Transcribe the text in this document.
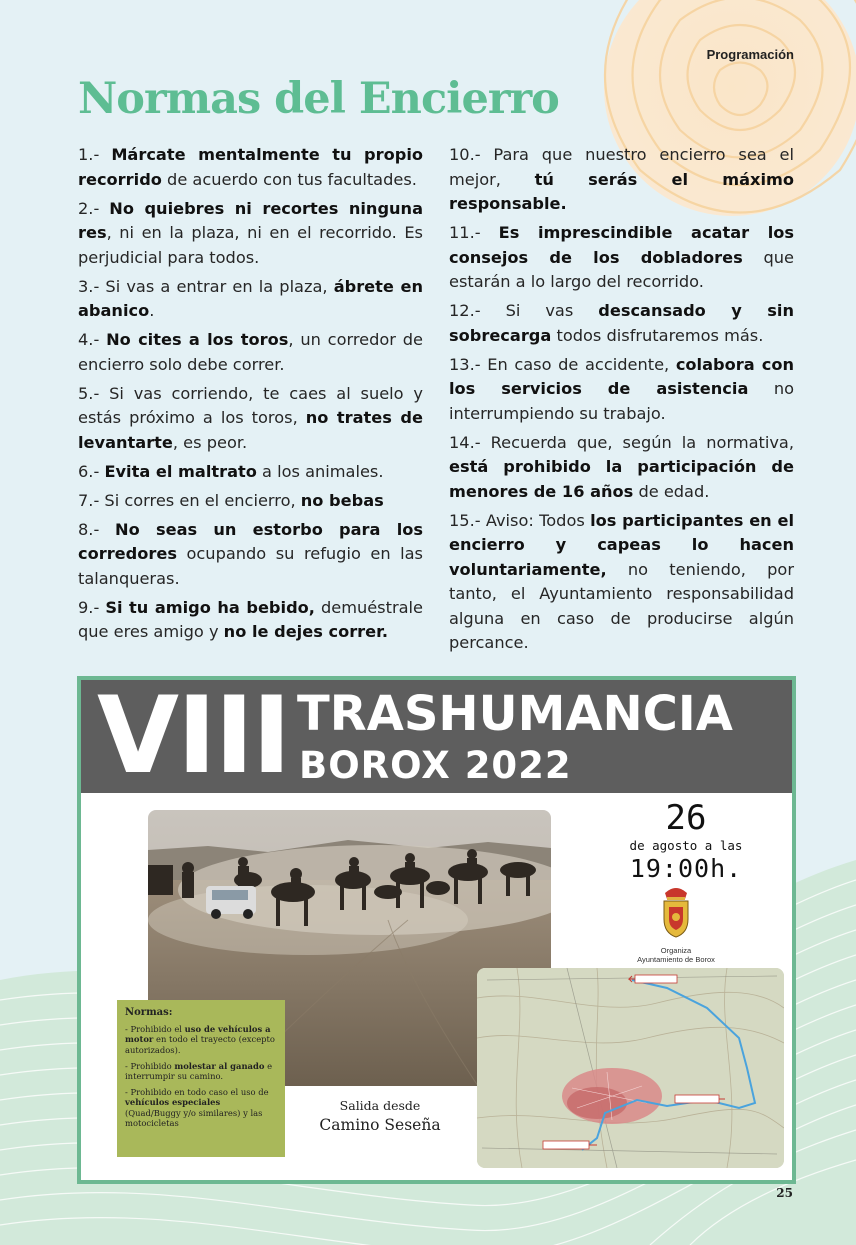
Programación
Normas del Encierro

1.- Márcate mentalmente tu propio recorrido de acuerdo con tus facultades.

2.- No quiebres ni recortes ninguna res, ni en la plaza, ni en el recorrido. Es perjudicial para todos.

3.- Si vas a entrar en la plaza, ábrete en abanico.

4.- No cites a los toros, un corredor de encierro solo debe correr.

5.- Si vas corriendo, te caes al suelo y estás próximo a los toros, no trates de levantarte, es peor.

6.- Evita el maltrato a los animales.

7.- Si corres en el encierro, no bebas

8.- No seas un estorbo para los corredores ocupando su refugio en las talanqueras.

9.- Si tu amigo ha bebido, demuéstrale que eres amigo y no le dejes correr.

10.- Para que nuestro encierro sea el mejor, tú serás el máximo responsable.

11.- Es imprescindible acatar los consejos de los dobladores que estarán a lo largo del recorrido.

12.- Si vas descansado y sin sobrecarga todos disfrutaremos más.

13.- En caso de accidente, colabora con los servicios de asistencia no interrumpiendo su trabajo.

14.- Recuerda que, según la normativa, está prohibido la participación de menores de 16 años de edad.

15.- Aviso: Todos los participantes en el encierro y capeas lo hacen voluntariamente, no teniendo, por tanto, el Ayuntamiento responsabilidad alguna en caso de producirse algún percance.

VIII TRASHUMANCIA
BOROX 2022
Normas:
- Prohibido el uso de vehículos a motor en todo el trayecto (excepto autorizados).
- Prohibido molestar al ganado e interrumpir su camino.
- Prohibido en todo caso el uso de vehículos especiales (Quad/Buggy y/o similares) y las motocicletas
Salida desde
Camino Seseña
26
de agosto a las
19:00h.
Organiza
Ayuntamiento de Borox
25
